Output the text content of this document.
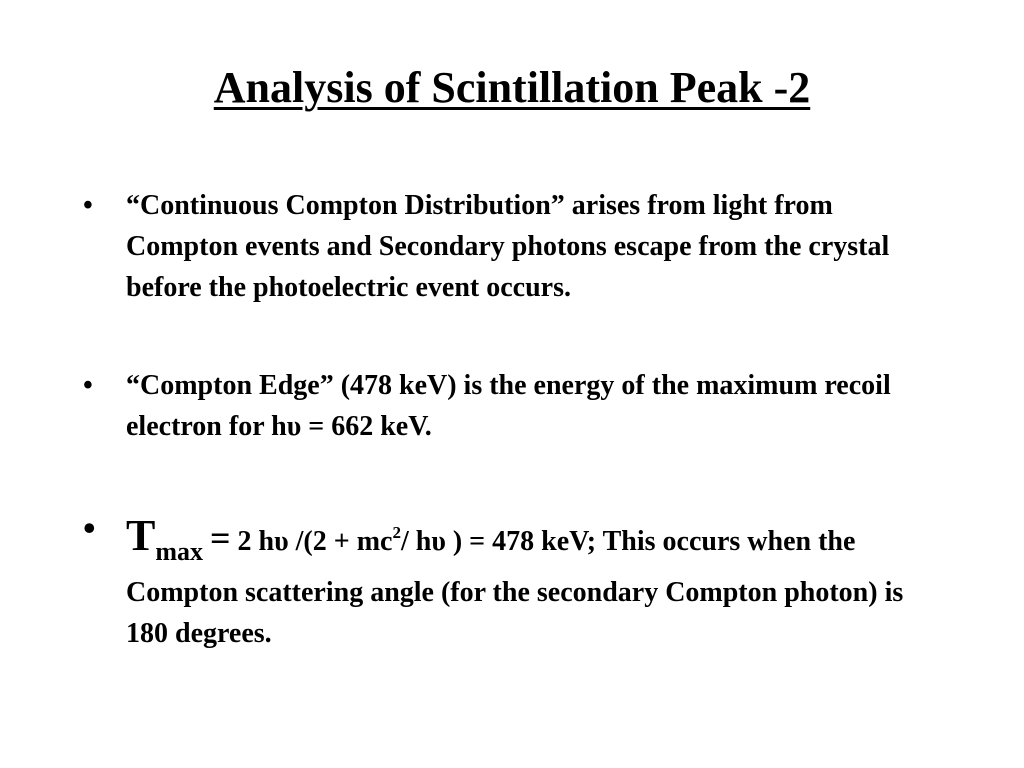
Analysis of Scintillation Peak -2
•	“Continuous Compton Distribution” arises from light from Compton events and Secondary photons escape from the crystal before the photoelectric event occurs.
•	“Compton Edge” (478 keV) is the energy of the maximum recoil electron for hυ = 662 keV.
• Tmax = 2 hυ $/(2 + mc^2/$ hυ ) = 478 keV; This occurs when the Compton scattering angle (for the secondary Compton photon) is 180 degrees.
